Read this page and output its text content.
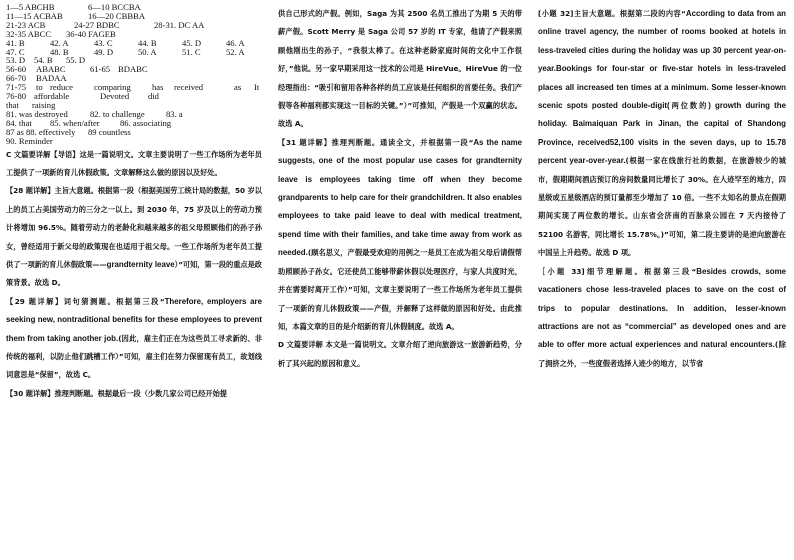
1—5 ABCHB	6—10 BCCBA
11—15 ACBAB	16—20 CBBBA
21-23 ACB	24-27 BDBC	28-31. DC AA
32-35 ABCC	36-40 FAGEB
41. B	42. A	43. C	44. B	45. D	46. A
47. C	48. B	49. D	50. A	51. C	52. A
53. D	54. B	55. D
56-60	ABABC	61-65 BDABC
66-70	BADAA
71-75	to reduce	comparing	has	received	as	It
76-80 affordable	Devoted	did
that	raising
81. was destroyed	82. to challenge	83. a
84. that	85. when/after	86. associating
87 as 88. effectively	89 countless
90. Reminder

C 文篇要详解【导语】这是一篇说明文。文章主要说明了一些工作场所为老年员工提供了一项新的育儿休假政策。文章解释这么做的原因以及好处。

【28 题详解】主旨大意题。根据第一段（根据美国劳工统计局的数据，50 岁以上的员工占美国劳动力的三分之一以上。到 2030 年，75 岁及以上的劳动力预计将增加 96.5%。随着劳动力的老龄化和越来越多的祖父母照顾他们的孙子孙女，曾经适用于新父母的政策现在也适用于祖父母。一些工作场所为老年员工提供了一项新的育儿休假政策——grandternity leave）”可知，第一段的重点是政策背景。故选 D。

【29 题详解】词句猜测题。根据第三段“Therefore, employers are seeking new, nontraditional benefits for these employees to prevent them from taking another job.(因此，雇主们正在为这些员工寻求新的、非传统的福利，以防止他们跳槽工作）”可知，雇主们在努力保留现有员工，故划线词意思是“保留”，故选 C。

【30 题详解】推理判断题。根据最后一段（少数几家公司已经开始提

供自己形式的产假。例如，Saga 为其 2500 名员工推出了为期 5 天的带薪产假。Scott Merry 是 Saga 公司 57 岁的 IT 专家，他请了产假来照顾他刚出生的孙子，“我很太棒了。在这种老龄家庭时间的文化中工作很好，”他说。另一家早期采用这一技术的公司是 HireVue。HireVue 的一位经理指出：“吸引和留用各种各样的员工应该是任何组织的首要任务。我们产假等各种福利都实现这一目标的关键。”）”可推知，产假是一个双赢的状态。故选 A。

【31 题详解】推理判断题。通读全文，并根据第一段“As the name suggests, one of the most popular use cases for grandternity leave is employees taking time off when they become grandparents to help care for their grandchildren. It also enables employees to take paid leave to deal with medical treatment, spend time with their families, and take time away from work as needed.(顾名思义，产假最受欢迎的用例之一是员工在成为祖父母后请假帮助照顾孙子孙女。它还使员工能够带薪休假以处理医疗，与家人共度时光，并在需要时离开工作）”可知，文章主要说明了一些工作场所为老年员工提供了一项新的育儿休假政策——产假，并解释了这样做的原因和好处。由此推知，本篇文章的目的是介绍新的育儿休假制度。故选 A。

D 文篇要详解 本文是一篇说明文。文章介绍了逆向旅游这一旅游新趋势，分析了其兴起的原因和意义。

[小题 32]主旨大意题。根据第二段的内容“According to data from an online travel agency, the number of rooms booked at hotels in less-traveled cities during the holiday was up 30 percent year-on-year.Bookings for four-star or five-star hotels in less-traveled places all increased ten times at a minimum. Some lesser-known scenic spots posted double-digit(两位数的) growth during the holiday. Baimaiquan Park in Jinan, the capital of Shandong Province, received52,100 visits in the seven days, up to 15.78 percent year-over-year.(根据一家在线旅行社的数据，在旅游较少的城市，假期期间酒店预订的房间数量同比增长了 30%。在人迹罕至的地方，四星级或五星级酒店的预订量都至少增加了 10 倍。一些不太知名的景点在假期期间实现了两位数的增长。山东省会济南的百脉泉公园在 7 天内接待了 52100 名游客，同比增长 15.78%。)”可知，第二段主要讲的是逆向旅游在中国呈上升趋势。故选 D 项。

［小题 33]细节理解题。根据第三段“Besides crowds, some vacationers chose less-traveled places to save on the cost of trips to popular destinations. In addition, lesser-known attractions are not as “commercial” as developed ones and are able to offer more actual experiences and natural encounters.(除了拥挤之外，一些度假者选择人迹少的地方，以节省
